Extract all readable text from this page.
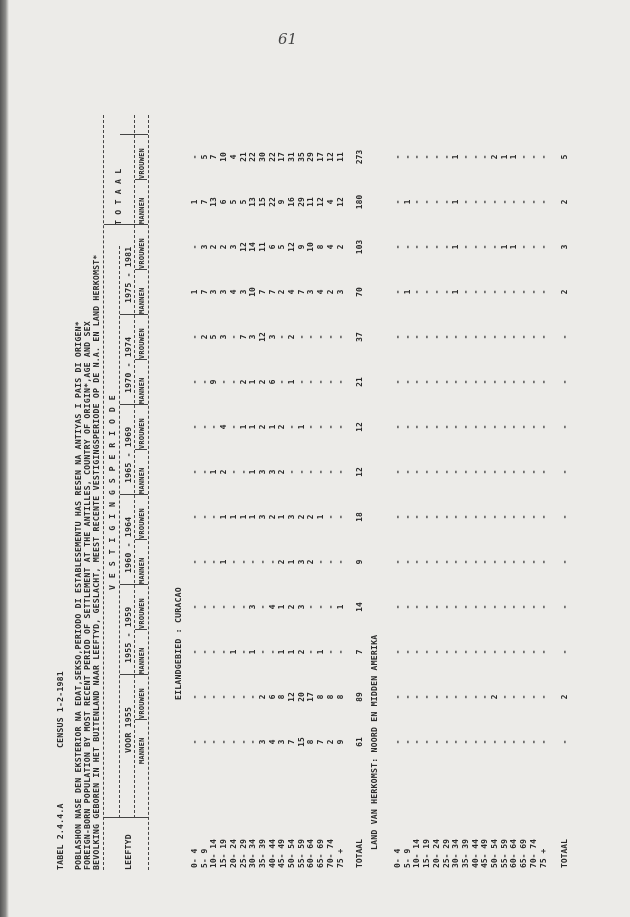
61
TABEL 2.4.4.A
CENSUS 1-2-1981 POBLASHON NASE DEN EKSTERIOR NA EDAT,SEKSO,PERIODO DI ESTABLESEMENTU HAS RESEN NA ANTIYAS I PAIS DI ORIGEN* FOREIGN-BORN POPULATION BY MOST RECENT PERIOD OF SETTLEMENT AT THE ANTILLES, COUNTRY OF ORIGIN*,AGE AND SEX BEVOLKING GEBOREN IN HET BUITENLAND NAAR LEEFTYD, GESLACHT, MEEST RECENTE VESTIGINGSPERIODE OP DE N.A. EN LAND HERKOMST* V E S T I G I N G S P E R I O D E
T O T A A L
LEEFTYD
VOOR 1955
1955 - 1959
1960 - 1964
1965 - 1969
1970 - 1974
1975 - 1981
MANNEN
VROUWEN
MANNEN
VROUWEN
MANNEN
VROUWEN
MANNEN
VROUWEN
MANNEN
VROUWEN
MANNEN
VROUWEN
MANNEN
VROUWEN
EILANDGEBIED : CURACAO
0- 4
-
-
-
-
-
-
-
-
-
-
1
-
1
-
5- 9
-
-
-
-
-
-
-
-
-
2
7
3
7
5
10- 14
-
-
-
-
-
-
1
-
9
5
3
2
13
7
15- 19
-
-
-
-
1
1
2
4
-
3
3
2
6
10
20- 24
-
-
1
-
-
1
-
-
-
-
4
3
5
4
25- 29
-
-
-
-
-
1
-
1
2
7
3
12
5
21
30- 34
-
-
1
3
-
1
1
1
1
3
10
14
13
22
35- 39
3
2
-
-
-
3
3
2
2
12
7
11
15
30
40- 44
4
6
-
4
-
2
3
1
6
3
7
6
22
22
45- 49
3
8
1
1
2
1
2
2
-
-
2
5
9
17
50- 54
7
12
1
2
1
3
-
-
1
2
4
12
16
31
55- 59
15
20
2
3
3
2
-
1
-
-
7
9
29
35
60- 64
8
17
-
-
2
2
-
-
-
-
3
10
11
29
65- 69
7
8
1
-
-
1
-
-
-
-
4
8
12
17
70- 74
2
8
-
-
-
-
-
-
-
-
2
4
4
12
75 +
9
8
-
1
-
-
-
-
-
-
3
2
12
11
TOTAAL
61
89
7
14
9
18
12
12
21
37
70
103
180
273
LAND VAN HERKOMST: NOORD EN MIDDEN AMERIKA
0- 4
-
-
-
-
-
-
-
-
-
-
-
-
-
-
5- 9
-
-
-
-
-
-
-
-
-
-
1
-
1
-
10- 14
-
-
-
-
-
-
-
-
-
-
-
-
-
-
15- 19
-
-
-
-
-
-
-
-
-
-
-
-
-
-
20- 24
-
-
-
-
-
-
-
-
-
-
-
-
-
-
25- 29
-
-
-
-
-
-
-
-
-
-
-
-
-
-
30- 34
-
-
-
-
-
-
-
-
-
-
1
1
1
1
35- 39
-
-
-
-
-
-
-
-
-
-
-
-
-
-
40- 44
-
-
-
-
-
-
-
-
-
-
-
-
-
-
45- 49
-
-
-
-
-
-
-
-
-
-
-
-
-
-
50- 54
-
2
-
-
-
-
-
-
-
-
-
-
-
2
55- 59
-
-
-
-
-
-
-
-
-
-
-
1
-
1
60- 64
-
-
-
-
-
-
-
-
-
-
-
1
-
1
65- 69
-
-
-
-
-
-
-
-
-
-
-
-
-
-
70- 74
-
-
-
-
-
-
-
-
-
-
-
-
-
-
75 +
-
-
-
-
-
-
-
-
-
-
-
-
-
-
TOTAAL
-
2
-
-
-
-
-
-
-
-
2
3
2
5
